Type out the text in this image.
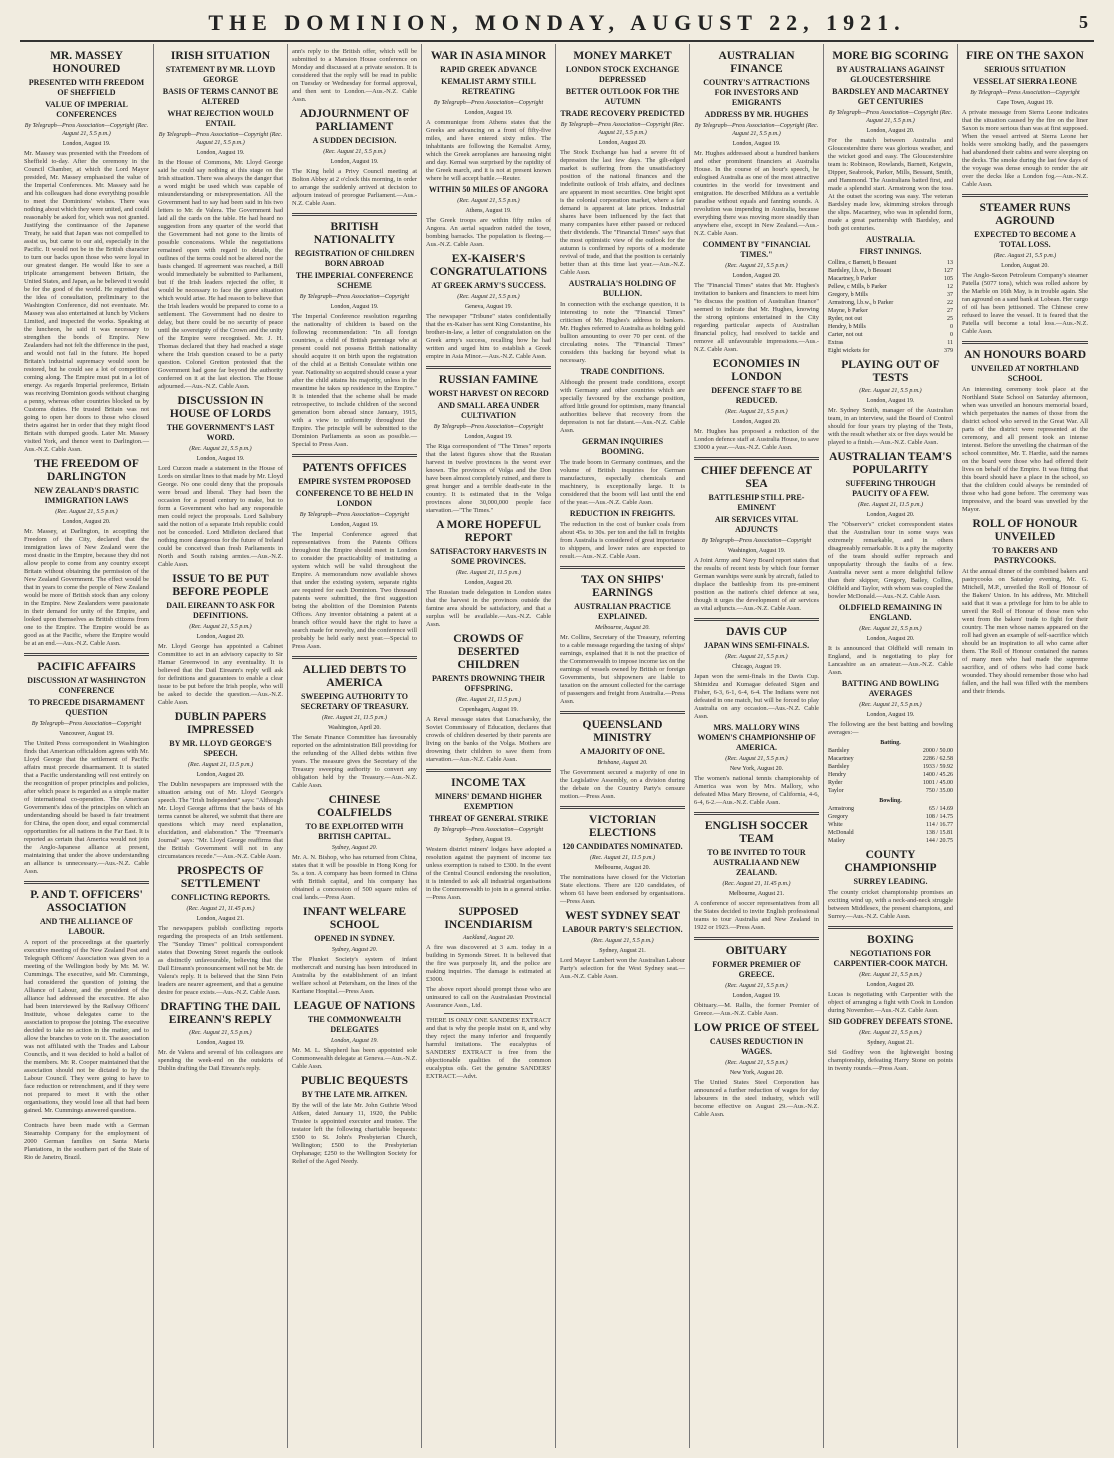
THE DOMINION, MONDAY, AUGUST 22, 1921.	5
MR. MASSEY HONOURED
PRESENTED WITH FREEDOM OF SHEFFIELD
VALUE OF IMPERIAL CONFERENCES
By Telegraph—Press Association—Copyright (Rec. August 21, 5.5 p.m.)
London, August 19.
Mr. Massey was presented with the Freedom of Sheffield to-day. After the ceremony in the Council Chamber, at which the Lord Mayor presided, Mr. Massey emphasised the value of the Imperial Conferences. Mr. Massey said he and his colleagues had done everything possible to meet the Dominions' wishes. There was nothing about which they were united, and could reasonably be asked for, which was not granted. Justifying the continuance of the Japanese Treaty, he said that Japan was not compelled to assist us, but came to our aid, especially in the Pacific. It would not be in the British character to turn our backs upon those who were loyal in our greatest danger. He would like to see a triplicate arrangement between Britain, the United States, and Japan, as he believed it would be for the good of the world. He regretted that the idea of consultation, preliminary to the Washington Conference, did not eventuate. Mr. Massey was also entertained at lunch by Vickers Limited, and inspected the works. Speaking at the luncheon, he said it was necessary to strengthen the bonds of Empire. New Zealanders had not felt the difference in the past, and would not fail in the future. He hoped Britain's industrial supremacy would soon be restored, but he could see a lot of competition coming along. The Empire must put in a lot of energy. As regards Imperial preference, Britain was receiving Dominion goods without charging a penny, whereas other countries blocked us by Customs duties. He trusted Britain was not going to open her doors to those who closed theirs against her in order that they might flood Britain with dumped goods. Later Mr. Massey visited York, and thence went to Darlington.—Aus.-N.Z. Cable Assn.
THE FREEDOM OF DARLINGTON
NEW ZEALAND'S DRASTIC IMMIGRATION LAWS
(Rec. August 21, 5.5 p.m.)
London, August 20.
Mr. Massey, at Darlington, in accepting the Freedom of the City, declared that the immigration laws of New Zealand were the most drastic in the Empire, because they did not allow people to come from any country except Britain without obtaining the permission of the New Zealand Government. The effect would be that in years to come the people of New Zealand would be more of British stock than any colony in the Empire. New Zealanders were passionate in their demand for unity of the Empire, and looked upon themselves as British citizens from one to the Empire. The Empire would be as good as at the Pacific, where the Empire would be at an end.—Aus.-N.Z. Cable Assn.
PACIFIC AFFAIRS
DISCUSSION AT WASHINGTON CONFERENCE
TO PRECEDE DISARMAMENT QUESTION
By Telegraph—Press Association—Copyright
Vancouver, August 19.
The United Press correspondent in Washington finds that American officialdom agrees with Mr. Lloyd George that the settlement of Pacific affairs must precede disarmament. It is stated that a Pacific understanding will rest entirely on the recognition of proper principles and policies, after which peace is regarded as a simple matter of international co-operation. The American Government's idea of the principles on which an understanding should be based is fair treatment for China, the open door, and equal commercial opportunities for all nations in the Far East. It is reported as certain that America would not join the Anglo-Japanese alliance at present, maintaining that under the above understanding an alliance is unnecessary.—Aus.-N.Z. Cable Assn.
P. AND T. OFFICERS' ASSOCIATION
AND THE ALLIANCE OF LABOUR.
A report of the proceedings at the quarterly executive meeting of the New Zealand Post and Telegraph Officers' Association was given to a meeting of the Wellington body by Mr. M. W. Cummings. The executive, said Mr. Cummings, had considered the question of joining the Alliance of Labour, and the president of the alliance had addressed the executive. He also had been interviewed by the Railway Officers' Institute, whose delegates came to the association to propose the joining. The executive decided to take no action in the matter, and to allow the branches to vote on it. The association was not affiliated with the Trades and Labour Councils, and it was decided to hold a ballot of the members. Mr. R. Cooper maintained that the association should not be dictated to by the Labour Council. They were going to have to face reduction or retrenchment, and if they were not prepared to meet it with the other organisations, they would lose all that had been gained. Mr. Cummings answered questions.
Contracts have been made with a German Steamship Company for the employment of 2000 German families on Santa Maria Plantations, in the southern part of the State of Rio de Janeiro, Brazil.
IRISH SITUATION
STATEMENT BY MR. LLOYD GEORGE
BASIS OF TERMS CANNOT BE ALTERED
WHAT REJECTION WOULD ENTAIL
By Telegraph—Press Association—Copyright (Rec. August 21, 5.5 p.m.)
London, August 19.
In the House of Commons, Mr. Lloyd George said he could say nothing at this stage on the Irish situation. There was always the danger that a word might be used which was capable of misunderstanding or misrepresentation. All the Government had to say had been said in his two letters to Mr. de Valera. The Government had laid all the cards on the table. He had heard no suggestion from any quarter of the world that the Government had not gone to the limits of possible concessions. While the negotiations remained open with regard to details, the outlines of the terms could not be altered nor the basis changed. If agreement was reached, a Bill would immediately be submitted to Parliament, but if the Irish leaders rejected the offer, it would be necessary to face the grave situation which would arise. He had reason to believe that the Irish leaders would be prepared to come to a settlement. The Government had no desire to delay, but there could be no security of peace until the sovereignty of the Crown and the unity of the Empire were recognised. Mr. J. H. Thomas declared that they had reached a stage where the Irish question ceased to be a party question. Colonel Gretton protested that the Government had gone far beyond the authority conferred on it at the last election. The House adjourned.—Aus.-N.Z. Cable Assn.
DISCUSSION IN HOUSE OF LORDS
THE GOVERNMENT'S LAST WORD.
(Rec. August 21, 5.5 p.m.)
London, August 19.
Lord Curzon made a statement in the House of Lords on similar lines to that made by Mr. Lloyd George. No one could deny that the proposals were broad and liberal. They had been the occasion for a proud century to make, but to form a Government who had any responsible men could reject the proposals. Lord Salisbury said the notion of a separate Irish republic could not be conceded. Lord Midleton declared that nothing more dangerous for the future of Ireland could be conceived than fresh Parliaments in North and South raising armies.—Aus.-N.Z. Cable Assn.
ISSUE TO BE PUT BEFORE PEOPLE
DAIL EIREANN TO ASK FOR DEFINITIONS.
(Rec. August 21, 5.5 p.m.)
London, August 20.
Mr. Lloyd George has appointed a Cabinet Committee to act in an advisory capacity to Sir Hamar Greenwood in any eventuality. It is believed that the Dail Eireann's reply will ask for definitions and guarantees to enable a clear issue to be put before the Irish people, who will be asked to decide the question.—Aus.-N.Z. Cable Assn.
DUBLIN PAPERS IMPRESSED
BY MR. LLOYD GEORGE'S SPEECH.
(Rec. August 21, 11.5 p.m.)
London, August 20.
The Dublin newspapers are impressed with the situation arising out of Mr. Lloyd George's speech. The "Irish Independent" says: "Although Mr. Lloyd George affirms that the basis of his terms cannot be altered, we submit that there are questions which may need explanation, elucidation, and elaboration." The "Freeman's Journal" says: "Mr. Lloyd George reaffirms that the British Government will not in any circumstances recede."—Aus.-N.Z. Cable Assn.
PROSPECTS OF SETTLEMENT
CONFLICTING REPORTS.
(Rec. August 21, 11.45 p.m.)
London, August 21.
The newspapers publish conflicting reports regarding the prospects of an Irish settlement. The "Sunday Times" political correspondent states that Downing Street regards the outlook as distinctly unfavourable, believing that the Dail Eireann's pronouncement will not be Mr. de Valera's reply. It is believed that the Sinn Fein leaders are nearer agreement, and that a genuine desire for peace exists.—Aus.-N.Z. Cable Assn.
DRAFTING THE DAIL EIREANN'S REPLY
(Rec. August 21, 5.5 p.m.)
London, August 19.
Mr. de Valera and several of his colleagues are spending the week-end on the outskirts of Dublin drafting the Dail Eireann's reply.
ann's reply to the British offer, which will be submitted to a Mansion House conference on Monday and discussed at a private session. It is considered that the reply will be read in public on Tuesday or Wednesday for formal approval, and then sent to London.—Aus.-N.Z. Cable Assn.
ADJOURNMENT OF PARLIAMENT
A SUDDEN DECISION.
(Rec. August 21, 5.5 p.m.)
London, August 19.
The King held a Privy Council meeting at Bolton Abbey at 2 o'clock this morning, in order to arrange the suddenly arrived at decision to adjourn instead of prorogue Parliament.—Aus.-N.Z. Cable Assn.
BRITISH NATIONALITY
REGISTRATION OF CHILDREN BORN ABROAD
THE IMPERIAL CONFERENCE SCHEME
By Telegraph—Press Association—Copyright
London, August 19.
The Imperial Conference resolution regarding the nationality of children is based on the following recommendation: "In all foreign countries, a child of British parentage who at present could not possess British nationality should acquire it on birth upon the registration of the child at a British Consulate within one year. Nationality so acquired should cease a year after the child attains his majority, unless in the meantime he takes up residence in the Empire." It is intended that the scheme shall be made retrospective, to include children of the second generation born abroad since January, 1915, with a view to uniformity throughout the Empire. The principle will be submitted to the Dominion Parliaments as soon as possible.—Special to Press Assn.
PATENTS OFFICES
EMPIRE SYSTEM PROPOSED
CONFERENCE TO BE HELD IN LONDON
By Telegraph—Press Association—Copyright
London, August 19.
The Imperial Conference agreed that representatives from the Patents Offices throughout the Empire should meet in London to consider the practicability of instituting a system which will be valid throughout the Empire. A memorandum now available shows that under the existing system, separate rights are required for each Dominion. Two thousand patents were submitted, the first suggestion being the abolition of the Dominion Patents Offices. Any inventor obtaining a patent at a branch office would have the right to have a search made for novelty, and the conference will probably be held early next year.—Special to Press Assn.
ALLIED DEBTS TO AMERICA
SWEEPING AUTHORITY TO SECRETARY OF TREASURY.
(Rec. August 21, 11.5 p.m.)
Washington, April 20.
The Senate Finance Committee has favourably reported on the administration Bill providing for the refunding of the Allied debts within five years. The measure gives the Secretary of the Treasury sweeping authority to convert any obligation held by the Treasury.—Aus.-N.Z. Cable Assn.
CHINESE COALFIELDS
TO BE EXPLOITED WITH BRITISH CAPITAL.
Sydney, August 20.
Mr. A. N. Bishop, who has returned from China, states that it will be possible in Hong Kong for 5s. a ton. A company has been formed in China with British capital, and his company has obtained a concession of 500 square miles of coal lands.—Press Assn.
INFANT WELFARE SCHOOL
OPENED IN SYDNEY.
Sydney, August 20.
The Plunket Society's system of infant mothercraft and nursing has been introduced in Australia by the establishment of an infant welfare school at Petersham, on the lines of the Karitane Hospital.—Press Assn.
LEAGUE OF NATIONS
THE COMMONWEALTH DELEGATES
London, August 19.
Mr. M. L. Shepherd has been appointed sole Commonwealth delegate at Geneva.—Aus.-N.Z. Cable Assn.
PUBLIC BEQUESTS
BY THE LATE MR. AITKEN.
By the will of the late Mr. John Guthrie Wood Aitken, dated January 11, 1920, the Public Trustee is appointed executor and trustee. The testator left the following charitable bequests: £500 to St. John's Presbyterian Church, Wellington; £500 to the Presbyterian Orphanage; £250 to the Wellington Society for Relief of the Aged Needy.
WAR IN ASIA MINOR
RAPID GREEK ADVANCE
KEMALIST ARMY STILL RETREATING
By Telegraph—Press Association—Copyright
London, August 19.
A communique from Athens states that the Greeks are advancing on a front of fifty-five miles, and have entered sixty miles. The inhabitants are following the Kemalist Army, which the Greek aeroplanes are harassing night and day. Kemal was surprised by the rapidity of the Greek march, and it is not at present known where he will accept battle.—Reuter.
WITHIN 50 MILES OF ANGORA
(Rec. August 21, 5.5 p.m.)
Athens, August 19.
The Greek troops are within fifty miles of Angora. An aerial squadron raided the town, bombing barracks. The population is fleeing.—Aus.-N.Z. Cable Assn.
EX-KAISER'S CONGRATULATIONS
AT GREEK ARMY'S SUCCESS.
(Rec. August 21, 5.5 p.m.)
Geneva, August 19.
The newspaper "Tribune" states confidentially that the ex-Kaiser has sent King Constantine, his brother-in-law, a letter of congratulation on the Greek army's success, recalling how he had written and urged him to establish a Greek empire in Asia Minor.—Aus.-N.Z. Cable Assn.
RUSSIAN FAMINE
WORST HARVEST ON RECORD
AND SMALL AREA UNDER CULTIVATION
By Telegraph—Press Association—Copyright
London, August 19.
The Riga correspondent of "The Times" reports that the latest figures show that the Russian harvest in twelve provinces is the worst ever known. The provinces of Volga and the Don have been almost completely ruined, and there is great hunger and a terrible death-rate in the country. It is estimated that in the Volga provinces alone 30,000,000 people face starvation.—"The Times."
A MORE HOPEFUL REPORT
SATISFACTORY HARVESTS IN SOME PROVINCES.
(Rec. August 21, 11.5 p.m.)
London, August 20.
The Russian trade delegation in London states that the harvest in the provinces outside the famine area should be satisfactory, and that a surplus will be available.—Aus.-N.Z. Cable Assn.
CROWDS OF DESERTED CHILDREN
PARENTS DROWNING THEIR OFFSPRING.
(Rec. August 21, 11.5 p.m.)
Copenhagen, August 19.
A Reval message states that Lunacharsky, the Soviet Commissary of Education, declares that crowds of children deserted by their parents are living on the banks of the Volga. Mothers are drowning their children to save them from starvation.—Aus.-N.Z. Cable Assn.
INCOME TAX
MINERS' DEMAND HIGHER EXEMPTION
THREAT OF GENERAL STRIKE
By Telegraph—Press Association—Copyright
Sydney, August 19.
Western district miners' lodges have adopted a resolution against the payment of income tax unless exemption is raised to £300. In the event of the Central Council endorsing the resolution, it is intended to ask all industrial organisations in the Commonwealth to join in a general strike.—Press Assn.
SUPPOSED INCENDIARISM
Auckland, August 20.
A fire was discovered at 3 a.m. today in a building in Symonds Street. It is believed that the fire was purposely lit, and the police are making inquiries. The damage is estimated at £3000.
The above report should prompt those who are uninsured to call on the Australasian Provincial Assurance Assn., Ltd.
THERE IS ONLY ONE SANDERS' EXTRACT and that is why the people insist on it, and why they reject the many inferior and frequently harmful imitations. The eucalyptus of SANDERS' EXTRACT is free from the objectionable qualities of the common eucalyptus oils. Get the genuine SANDERS' EXTRACT.—Advt.
MONEY MARKET
LONDON STOCK EXCHANGE DEPRESSED
BETTER OUTLOOK FOR THE AUTUMN
TRADE RECOVERY PREDICTED
By Telegraph—Press Association—Copyright (Rec. August 21, 5.5 p.m.)
London, August 20.
The Stock Exchange has had a severe fit of depression the last few days. The gilt-edged market is suffering from the unsatisfactory position of the national finances and the indefinite outlook of Irish affairs, and declines are apparent in most securities. One bright spot is the colonial corporation market, where a fair demand is apparent at late prices. Industrial shares have been influenced by the fact that many companies have either passed or reduced their dividends. The "Financial Times" says that the most optimistic view of the outlook for the autumn is confirmed by reports of a moderate revival of trade, and that the position is certainly better than at this time last year.—Aus.-N.Z. Cable Assn.
AUSTRALIA'S HOLDING OF BULLION.
In connection with the exchange question, it is interesting to note the "Financial Times" criticism of Mr. Hughes's address to bankers. Mr. Hughes referred to Australia as holding gold bullion amounting to over 70 per cent. of the circulating notes. The "Financial Times" considers this backing far beyond what is necessary.
TRADE CONDITIONS.
Although the present trade conditions, except with Germany and other countries which are specially favoured by the exchange position, afford little ground for optimism, many financial authorities believe that recovery from the depression is not far distant.—Aus.-N.Z. Cable Assn.
GERMAN INQUIRIES BOOMING.
The trade boom in Germany continues, and the volume of British inquiries for German manufactures, especially chemicals and machinery, is exceptionally large. It is considered that the boom will last until the end of the year.—Aus.-N.Z. Cable Assn.
REDUCTION IN FREIGHTS.
The reduction in the cost of bunker coals from about 45s. to 30s. per ton and the fall in freights from Australia is considered of great importance to shippers, and lower rates are expected to result.—Aus.-N.Z. Cable Assn.
TAX ON SHIPS' EARNINGS
AUSTRALIAN PRACTICE EXPLAINED.
Melbourne, August 20.
Mr. Collins, Secretary of the Treasury, referring to a cable message regarding the taxing of ships' earnings, explained that it is not the practice of the Commonwealth to impose income tax on the earnings of vessels owned by British or foreign Governments, but shipowners are liable to taxation on the amount collected for the carriage of passengers and freight from Australia.—Press Assn.
QUEENSLAND MINISTRY
A MAJORITY OF ONE.
Brisbane, August 20.
The Government secured a majority of one in the Legislative Assembly, on a division during the debate on the Country Party's censure motion.—Press Assn.
VICTORIAN ELECTIONS
120 CANDIDATES NOMINATED.
(Rec. August 21, 11.5 p.m.)
Melbourne, August 20.
The nominations have closed for the Victorian State elections. There are 120 candidates, of whom 61 have been endorsed by organisations.—Press Assn.
WEST SYDNEY SEAT
LABOUR PARTY'S SELECTION.
(Rec. August 21, 5.5 p.m.)
Sydney, August 21.
Lord Mayor Lambert won the Australian Labour Party's selection for the West Sydney seat.—Aus.-N.Z. Cable Assn.
AUSTRALIAN FINANCE
COUNTRY'S ATTRACTIONS FOR INVESTORS AND EMIGRANTS
ADDRESS BY MR. HUGHES
By Telegraph—Press Association—Copyright (Rec. August 21, 5.5 p.m.)
London, August 19.
Mr. Hughes addressed about a hundred bankers and other prominent financiers at Australia House. In the course of an hour's speech, he eulogised Australia as one of the most attractive countries in the world for investment and emigration. He described Mildura as a veritable paradise without equals and fanning sounds. A revolution was impending in Australia, because everything there was moving more steadily than anywhere else, except in New Zealand.—Aus.-N.Z. Cable Assn.
COMMENT BY "FINANCIAL TIMES."
(Rec. August 21, 5.5 p.m.)
London, August 20.
The "Financial Times" states that Mr. Hughes's invitation to bankers and financiers to meet him "to discuss the position of Australian finance" seemed to indicate that Mr. Hughes, knowing the strong opinions entertained in the City regarding particular aspects of Australian financial policy, had resolved to tackle and remove all unfavourable impressions.—Aus.-N.Z. Cable Assn.
ECONOMIES IN LONDON
DEFENCE STAFF TO BE REDUCED.
(Rec. August 21, 5.5 p.m.)
London, August 20.
Mr. Hughes has proposed a reduction of the London defence staff at Australia House, to save £3000 a year.—Aus.-N.Z. Cable Assn.
CHIEF DEFENCE AT SEA
BATTLESHIP STILL PRE-EMINENT
AIR SERVICES VITAL ADJUNCTS
By Telegraph—Press Association—Copyright
Washington, August 19.
A Joint Army and Navy Board report states that the results of recent tests by which four former German warships were sunk by aircraft, failed to displace the battleship from its pre-eminent position as the nation's chief defence at sea, though it urges the development of air services as vital adjuncts.—Aus.-N.Z. Cable Assn.
DAVIS CUP
JAPAN WINS SEMI-FINALS.
(Rec. August 21, 5.5 p.m.)
Chicago, August 19.
Japan won the semi-finals in the Davis Cup. Shimidzu and Kumagae defeated Sigen and Fisher, 6-3, 6-1, 6-4, 6-4. The Indians were not defeated in one match, but will be forced to play Australia on any occasion.—Aus.-N.Z. Cable Assn.
MRS. MALLORY WINS WOMEN'S CHAMPIONSHIP OF AMERICA.
(Rec. August 21, 5.5 p.m.)
New York, August 20.
The women's national tennis championship of America was won by Mrs. Mallory, who defeated Miss Mary Browne, of California, 4-6, 6-4, 6-2.—Aus.-N.Z. Cable Assn.
ENGLISH SOCCER TEAM
TO BE INVITED TO TOUR AUSTRALIA AND NEW ZEALAND.
(Rec. August 21, 11.45 p.m.)
Melbourne, August 21.
A conference of soccer representatives from all the States decided to invite English professional teams to tour Australia and New Zealand in 1922 or 1923.—Press Assn.
OBITUARY
FORMER PREMIER OF GREECE.
(Rec. August 21, 5.5 p.m.)
London, August 19.
Obituary.—M. Rallis, the former Premier of Greece.—Aus.-N.Z. Cable Assn.
LOW PRICE OF STEEL
CAUSES REDUCTION IN WAGES.
(Rec. August 21, 5.5 p.m.)
New York, August 20.
The United States Steel Corporation has announced a further reduction of wages for day labourers in the steel industry, which will become effective on August 29.—Aus.-N.Z. Cable Assn.
MORE BIG SCORING
BY AUSTRALIANS AGAINST GLOUCESTERSHIRE
BARDSLEY AND MACARTNEY GET CENTURIES
By Telegraph—Press Association—Copyright (Rec. August 21, 5.5 p.m.)
London, August 20.
For the match between Australia and Gloucestershire there was glorious weather, and the wicket good and easy. The Gloucestershire team is: Robinson, Rowlands, Barnett, Keigwin, Dipper, Seabrook, Parker, Mills, Bessant, Smith, and Hammond. The Australians batted first, and made a splendid start. Armstrong won the toss. At the outset the scoring was easy. The veteran Bardsley made low, skimming strokes through the slips. Macartney, who was in splendid form, made a great partnership with Bardsley, and both got centuries.
AUSTRALIA.
FIRST INNINGS.
Collins, c Barnett, b Bessant	13
Bardsley, l.b.w., b Bessant	127
Macartney, b Parker	105
Pellew, c Mills, b Parker	12
Gregory, b Mills	37
Armstrong, l.b.w., b Parker	22
Mayne, b Parker	27
Ryder, not out	25
Hendry, b Mills	0
Carter, not out	0
Extras	11
Eight wickets for	379
PLAYING OUT OF TESTS
(Rec. August 21, 5.5 p.m.)
London, August 19.
Mr. Sydney Smith, manager of the Australian team, in an interview, said the Board of Control should for four years try playing of the Tests, with the result whether six or five days would be played to a finish.—Aus.-N.Z. Cable Assn.
AUSTRALIAN TEAM'S POPULARITY
SUFFERING THROUGH PAUCITY OF A FEW.
(Rec. August 21, 11.5 p.m.)
London, August 20.
The "Observer's" cricket correspondent states that the Australian tour in some ways was extremely remarkable, and in others disagreeably remarkable. It is a pity the majority of the team should suffer reproach and unpopularity through the faults of a few. Australia never sent a more delightful fellow than their skipper, Gregory, Bailey, Collins, Oldfield and Taylor, with whom was coupled the bowler McDonald.—Aus.-N.Z. Cable Assn.
OLDFIELD REMAINING IN ENGLAND.
(Rec. August 21, 5.5 p.m.)
London, August 20.
It is announced that Oldfield will remain in England, and is negotiating to play for Lancashire as an amateur.—Aus.-N.Z. Cable Assn.
BATTING AND BOWLING AVERAGES
(Rec. August 21, 5.5 p.m.)
London, August 19.
The following are the best batting and bowling averages:—
Batting.
Bardsley	2000 / 50.00
Macartney	2286 / 62.58
Bardsley	1933 / 59.92
Hendry	1400 / 45.26
Ryder	1001 / 45.00
Taylor	750 / 35.00
Bowling.
Armstrong	65 / 14.69
Gregory	108 / 14.75
White	114 / 16.77
McDonald	138 / 15.81
Mailey	144 / 20.75
COUNTY CHAMPIONSHIP
SURREY LEADING.
The county cricket championship promises an exciting wind up, with a neck-and-neck struggle between Middlesex, the present champions, and Surrey.—Aus.-N.Z. Cable Assn.
BOXING
NEGOTIATIONS FOR CARPENTIER-COOK MATCH.
(Rec. August 21, 5.5 p.m.)
London, August 20.
Lucas is negotiating with Carpentier with the object of arranging a fight with Cook in London during November.—Aus.-N.Z. Cable Assn.
SID GODFREY DEFEATS STONE.
(Rec. August 21, 5.5 p.m.)
Sydney, August 21.
Sid Godfrey won the lightweight boxing championship, defeating Harry Stone on points in twenty rounds.—Press Assn.
FIRE ON THE SAXON
SERIOUS SITUATION
VESSEL AT SIERRA LEONE
By Telegraph—Press Association—Copyright
Cape Town, August 19.
A private message from Sierra Leone indicates that the situation caused by the fire on the liner Saxon is more serious than was at first supposed. When the vessel arrived at Sierra Leone her holds were smoking badly, and the passengers had abandoned their cabins and were sleeping on the decks. The smoke during the last few days of the voyage was dense enough to render the air over the decks like a London fog.—Aus.-N.Z. Cable Assn.
STEAMER RUNS AGROUND
EXPECTED TO BECOME A TOTAL LOSS.
(Rec. August 21, 5.5 p.m.)
London, August 20.
The Anglo-Saxon Petroleum Company's steamer Patella (5077 tons), which was rolled ashore by the Marble on 16th May, is in trouble again. She ran aground on a sand bank at Lobean. Her cargo of oil has been jettisoned. The Chinese crew refused to leave the vessel. It is feared that the Patella will become a total loss.—Aus.-N.Z. Cable Assn.
AN HONOURS BOARD
UNVEILED AT NORTHLAND SCHOOL
An interesting ceremony took place at the Northland State School on Saturday afternoon, when was unveiled an honours memorial board, which perpetuates the names of those from the district school who served in the Great War. All parts of the district were represented at the ceremony, and all present took an intense interest. Before the unveiling the chairman of the school committee, Mr. T. Hardie, said the names on the board were those who had offered their lives on behalf of the Empire. It was fitting that this board should have a place in the school, so that the children could always be reminded of those who had gone before. The ceremony was impressive, and the board was unveiled by the Mayor.
ROLL OF HONOUR UNVEILED
TO BAKERS AND PASTRYCOOKS.
At the annual dinner of the combined bakers and pastrycooks on Saturday evening, Mr. G. Mitchell, M.P., unveiled the Roll of Honour of the Bakers' Union. In his address, Mr. Mitchell said that it was a privilege for him to be able to unveil the Roll of Honour of those men who went from the bakers' trade to fight for their country. The men whose names appeared on the roll had given an example of self-sacrifice which should be an inspiration to all who came after them. The Roll of Honour contained the names of many men who had made the supreme sacrifice, and of others who had come back wounded. They should remember those who had fallen, and the hall was filled with the members and their friends.
